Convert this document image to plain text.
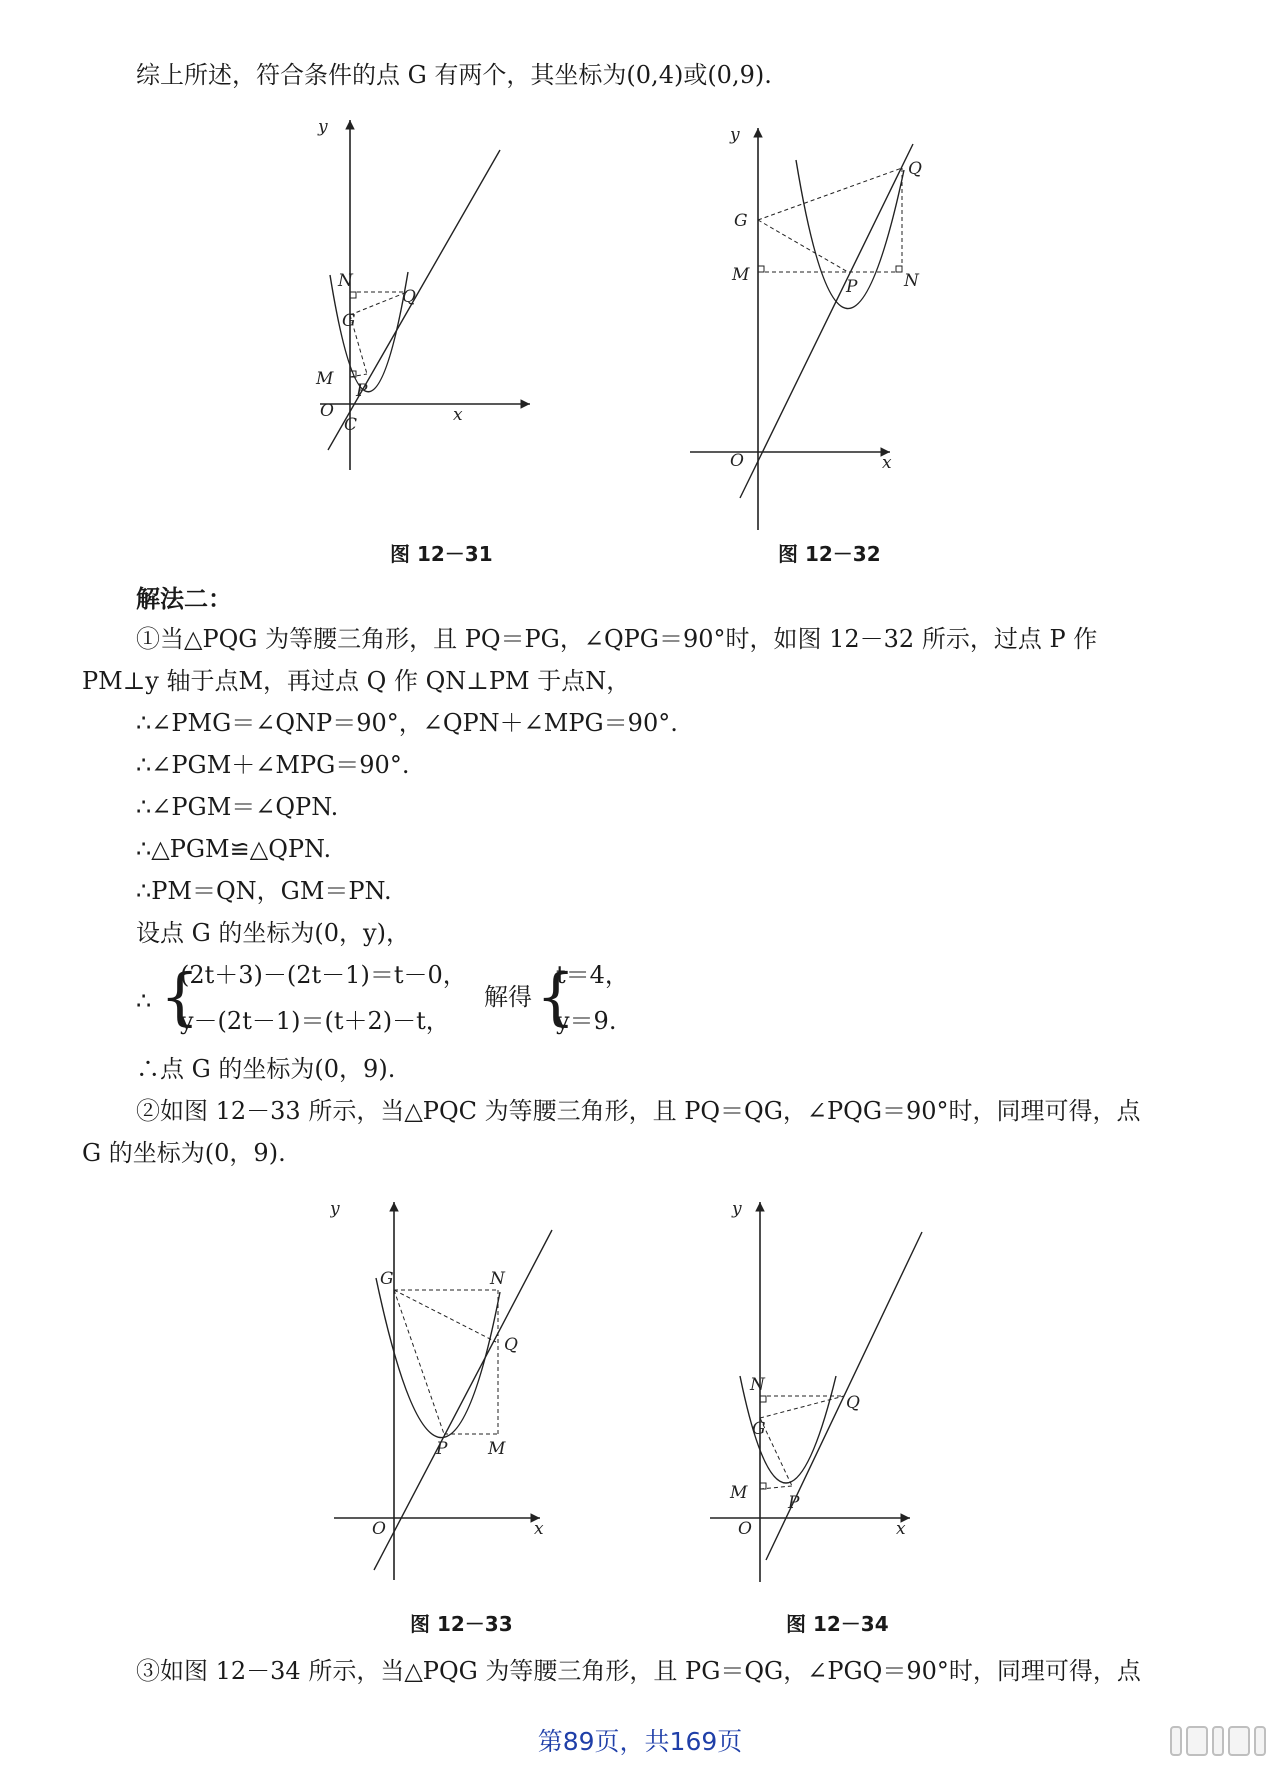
综上所述，符合条件的点 G 有两个，其坐标为(0,4)或(0,9).
y
x
O
C
N
Q
G
M
P
图 12－31
y
x
O
G
Q
M	N
P
图 12－32
解法二：
①当△PQG 为等腰三角形，且 PQ＝PG，∠QPG＝90°时，如图 12－32 所示，过点 P 作
PM⊥y 轴于点M，再过点 Q 作 QN⊥PM 于点N，
∴∠PMG＝∠QNP＝90°，∠QPN＋∠MPG＝90°.
∴∠PGM＋∠MPG＝90°.
∴∠PGM＝∠QPN.
∴△PGM≌△QPN.
∴PM＝QN，GM＝PN.
设点 G 的坐标为(0，y)，
∴ {
(2t＋3)－(2t－1)＝t－0，
y－(2t－1)＝(t＋2)－t，
解得 {
t＝4，
y＝9.
∴点 G 的坐标为(0，9).
②如图 12－33 所示，当△PQC 为等腰三角形，且 PQ＝QG，∠PQG＝90°时，同理可得，点
G 的坐标为(0，9).
y
x
O
G	N
Q
P M
图 12－33
y
x
O
N
Q
G
M P
图 12－34
③如图 12－34 所示，当△PQG 为等腰三角形，且 PG＝QG，∠PGQ＝90°时，同理可得，点
第89页，共169页
